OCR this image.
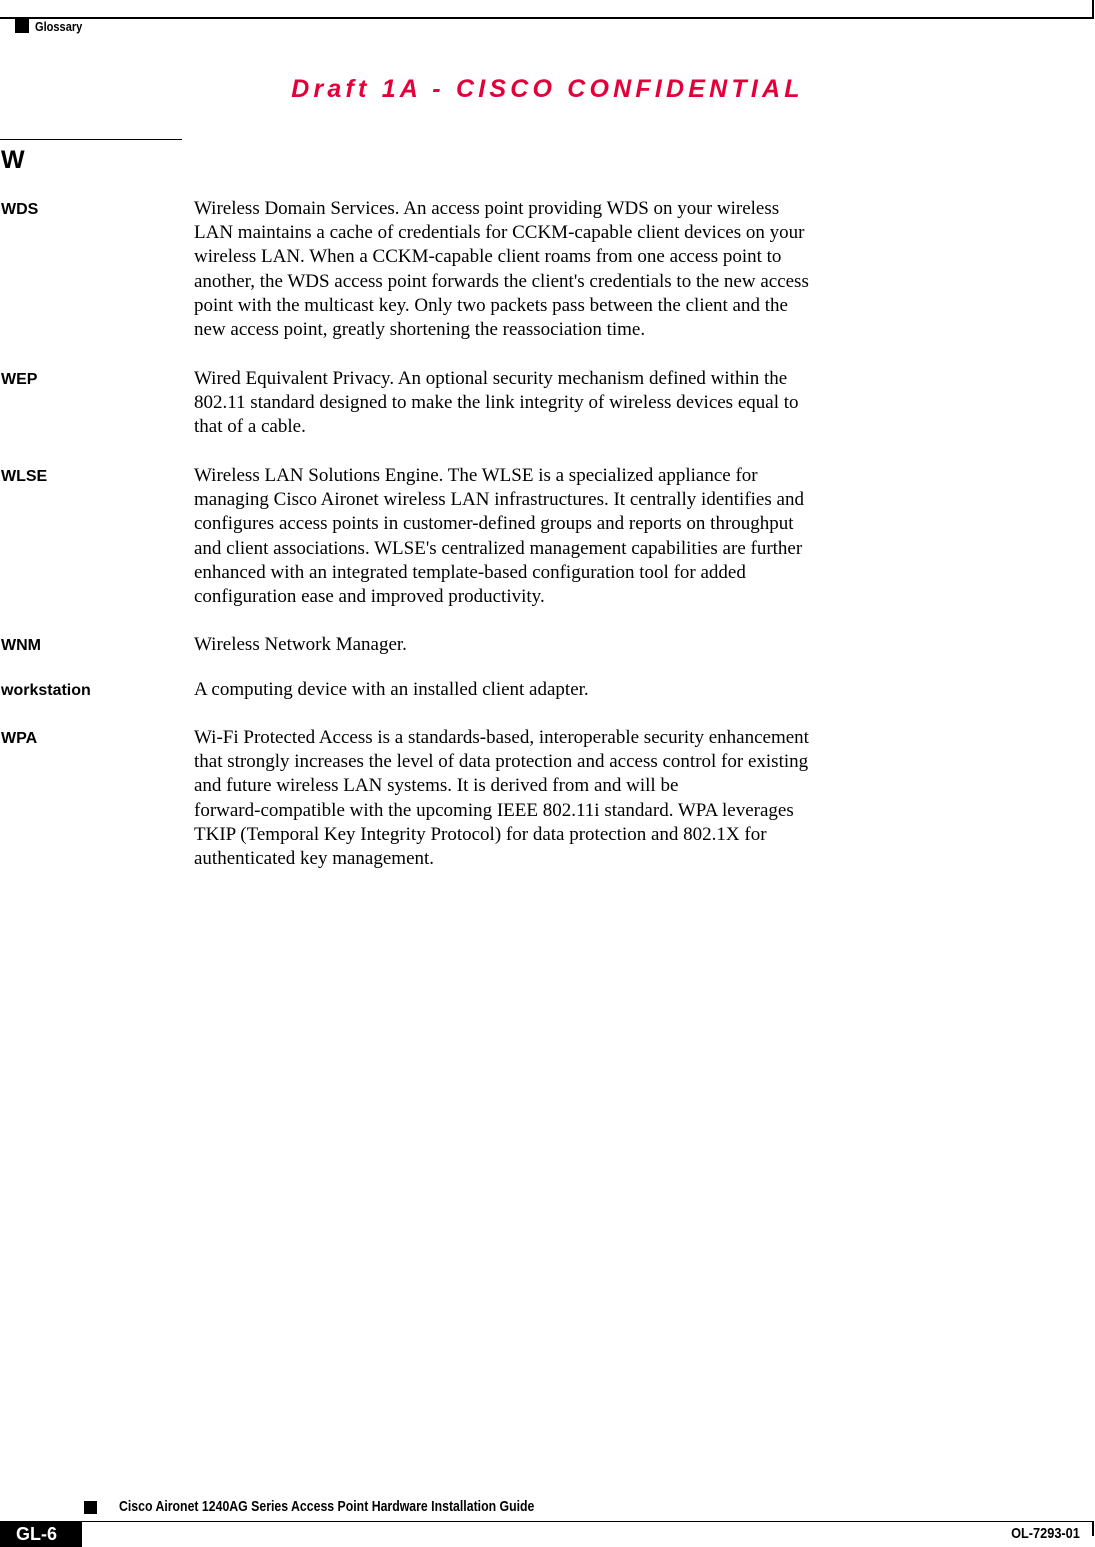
Glossary
Draft 1A - CISCO CONFIDENTIAL
W
WDS	Wireless Domain Services. An access point providing WDS on your wireless
LAN maintains a cache of credentials for CCKM-capable client devices on your
wireless LAN. When a CCKM-capable client roams from one access point to
another, the WDS access point forwards the client's credentials to the new access
point with the multicast key. Only two packets pass between the client and the
new access point, greatly shortening the reassociation time.
WEP	Wired Equivalent Privacy. An optional security mechanism defined within the
802.11 standard designed to make the link integrity of wireless devices equal to
that of a cable.
WLSE	Wireless LAN Solutions Engine. The WLSE is a specialized appliance for
managing Cisco Aironet wireless LAN infrastructures. It centrally identifies and
configures access points in customer-defined groups and reports on throughput
and client associations. WLSE's centralized management capabilities are further
enhanced with an integrated template-based configuration tool for added
configuration ease and improved productivity.
WNM	Wireless Network Manager.
workstation	A computing device with an installed client adapter.
WPA	Wi-Fi Protected Access is a standards-based, interoperable security enhancement
that strongly increases the level of data protection and access control for existing
and future wireless LAN systems. It is derived from and will be
forward-compatible with the upcoming IEEE 802.11i standard. WPA leverages
TKIP (Temporal Key Integrity Protocol) for data protection and 802.1X for
authenticated key management.
Cisco Aironet 1240AG Series Access Point Hardware Installation Guide
GL-6	OL-7293-01
